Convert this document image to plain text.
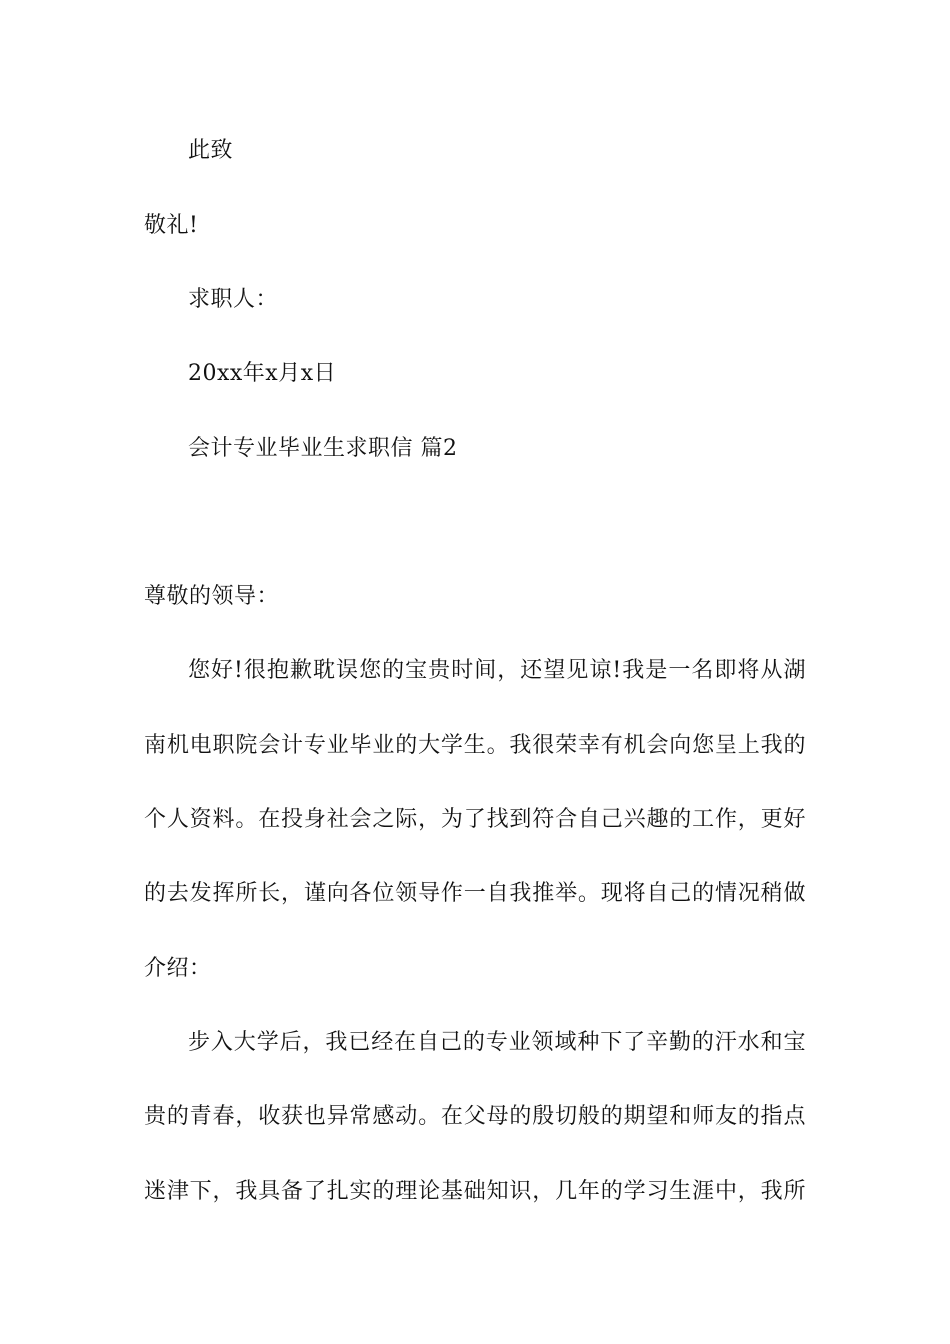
此致
敬礼!
求职人：
20xx年x月x日
会计专业毕业生求职信 篇2
尊敬的领导：
您好!很抱歉耽误您的宝贵时间，还望见谅!我是一名即将从湖
南机电职院会计专业毕业的大学生。我很荣幸有机会向您呈上我的
个人资料。在投身社会之际，为了找到符合自己兴趣的工作，更好
的去发挥所长，谨向各位领导作一自我推举。现将自己的情况稍做
介绍：
步入大学后，我已经在自己的专业领域种下了辛勤的汗水和宝
贵的青春，收获也异常感动。在父母的殷切般的期望和师友的指点
迷津下，我具备了扎实的理论基础知识，几年的学习生涯中，我所
